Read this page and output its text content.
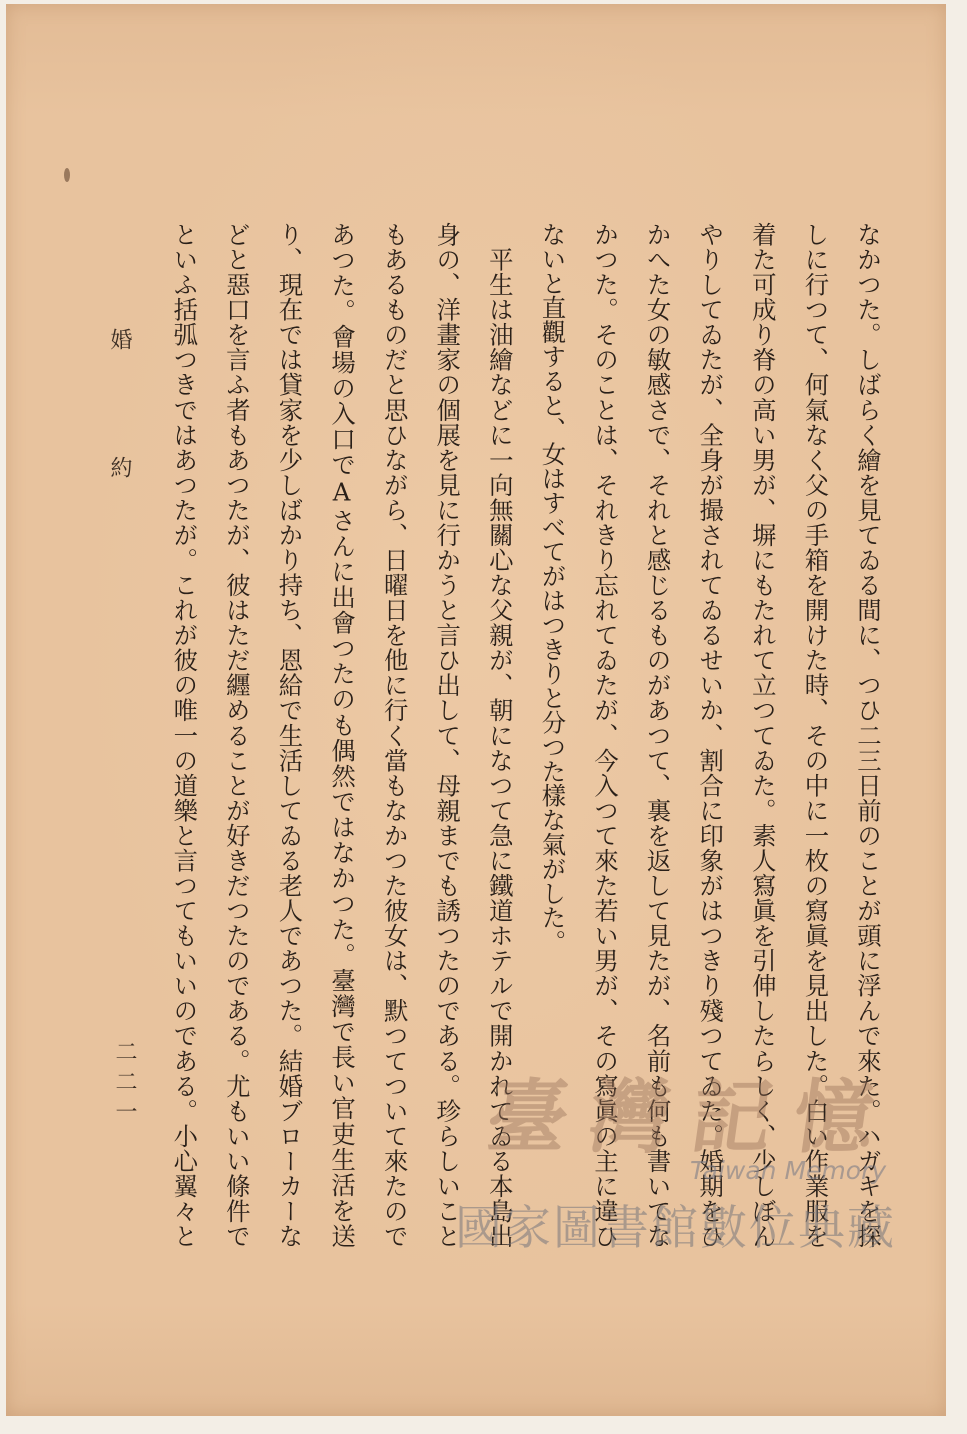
婚約
二二一	なかつた。しばらく繪を見てゐる間に、つひ二三日前のことが頭に浮んで來た。ハガキを探
しに行つて、何氣なく父の手箱を開けた時、その中に一枚の寫眞を見出した。白い作業服を
着た可成り脊の高い男が、塀にもたれて立つてゐた。素人寫眞を引伸したらしく、少しぼん
やりしてゐたが、全身が撮されてゐるせいか、割合に印象がはつきり殘つてゐた。婚期をひ
かへた女の敏感さで、それと感じるものがあつて、裏を返して見たが、名前も何も書いてな
かつた。そのことは、それきり忘れてゐたが、今入つて來た若い男が、その寫眞の主に違ひ
ないと直觀すると、女はすべてがはつきりと分つた樣な氣がした。
　平生は油繪などに一向無關心な父親が、朝になつて急に鐵道ホテルで開かれてゐる本島出
身の、洋畫家の個展を見に行かうと言ひ出して、母親までも誘つたのである。珍らしいこと
もあるものだと思ひながら、日曜日を他に行く當もなかつた彼女は、默つてついて來たので
あつた。會場の入口でAさんに出會つたのも偶然ではなかつた。臺灣で長い官吏生活を送
り、現在では貸家を少しばかり持ち、恩給で生活してゐる老人であつた。結婚ブローカーな
どと惡口を言ふ者もあつたが、彼はただ纒めることが好きだつたのである。尤もいい條件で
といふ括弧つきではあつたが。これが彼の唯一の道樂と言つてもいいのである。小心翼々と	臺灣記憶
Taiwan Memory
國家圖書館數位典藏
